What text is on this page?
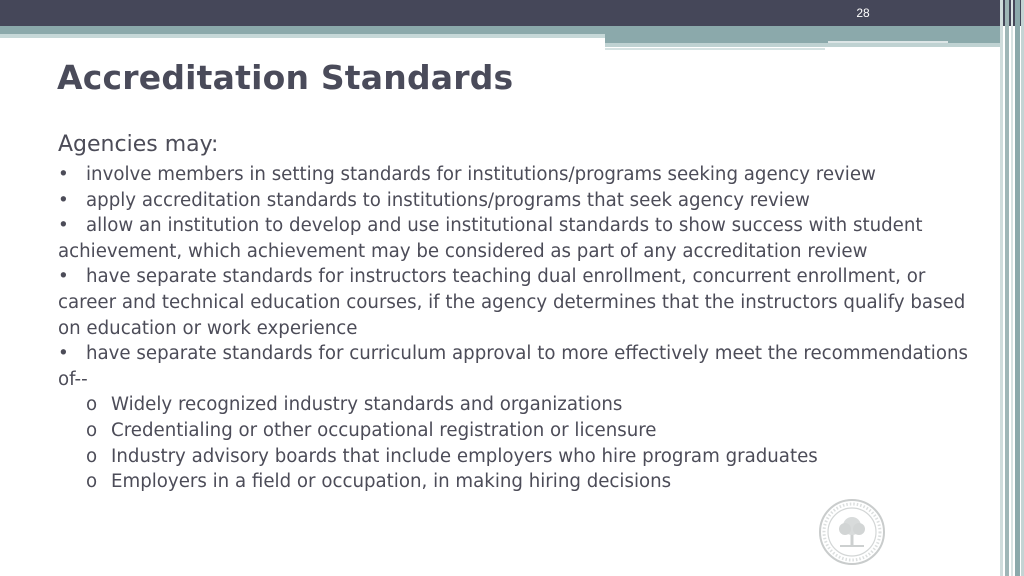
28
Accreditation Standards

Agencies may:

• involve members in setting standards for institutions/programs seeking agency review

• apply accreditation standards to institutions/programs that seek agency review

• allow an institution to develop and use institutional standards to show success with student achievement, which achievement may be considered as part of any accreditation review

• have separate standards for instructors teaching dual enrollment, concurrent enrollment, or career and technical education courses, if the agency determines that the instructors qualify based on education or work experience

• have separate standards for curriculum approval to more effectively meet the recommendations of--

o Widely recognized industry standards and organizations

o Credentialing or other occupational registration or licensure

o Industry advisory boards that include employers who hire program graduates

o Employers in a field or occupation, in making hiring decisions
